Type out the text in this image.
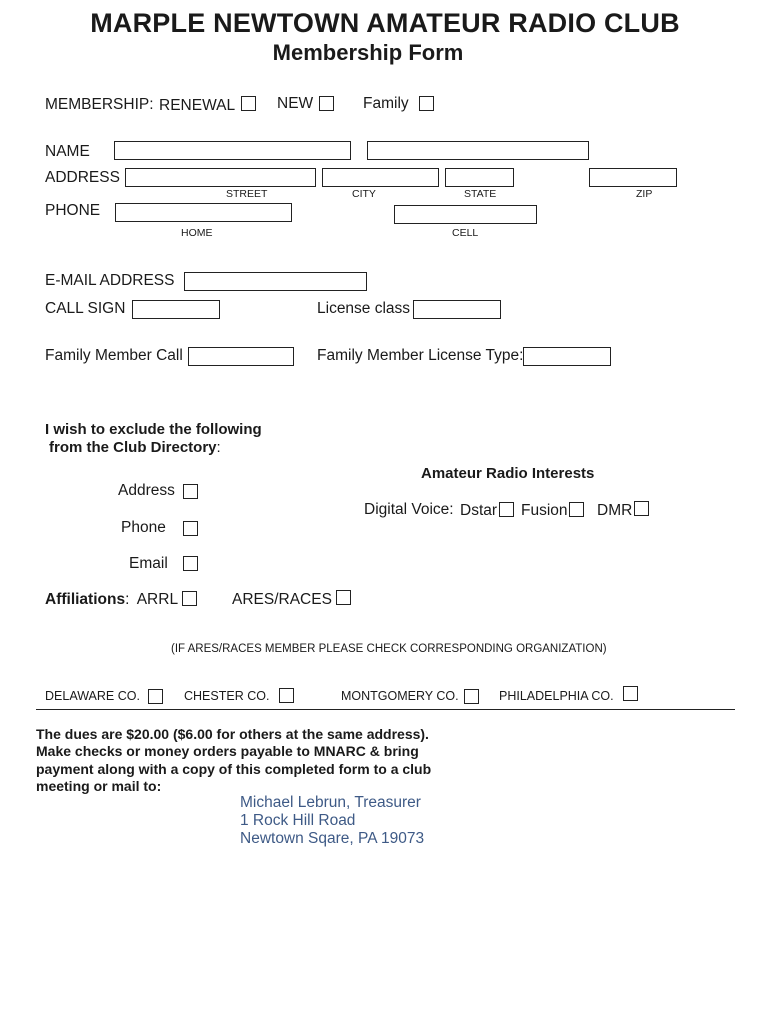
MARPLE NEWTOWN AMATEUR RADIO CLUB
Membership Form
MEMBERSHIP: RENEWAL	NEW	Family
NAME
ADDRESS
STREET	CITY	STATE	ZIP
PHONE
HOME	CELL
E-MAIL ADDRESS
CALL SIGN	License class
Family Member Call	Family Member License Type:
I wish to exclude the following
from the Club Directory:
Address
Phone
Email
Amateur Radio Interests
Digital Voice: Dstar Fusion DMR
Affiliations: ARRL	ARES/RACES
(IF ARES/RACES MEMBER PLEASE CHECK CORRESPONDING ORGANIZATION)
DELAWARE CO.	CHESTER CO.	MONTGOMERY CO.	PHILADELPHIA CO.
The dues are $20.00 ($6.00 for others at the same address).
Make checks or money orders payable to MNARC & bring
payment along with a copy of this completed form to a club
meeting or mail to:
Michael Lebrun, Treasurer
1 Rock Hill Road
Newtown Sqare, PA 19073
